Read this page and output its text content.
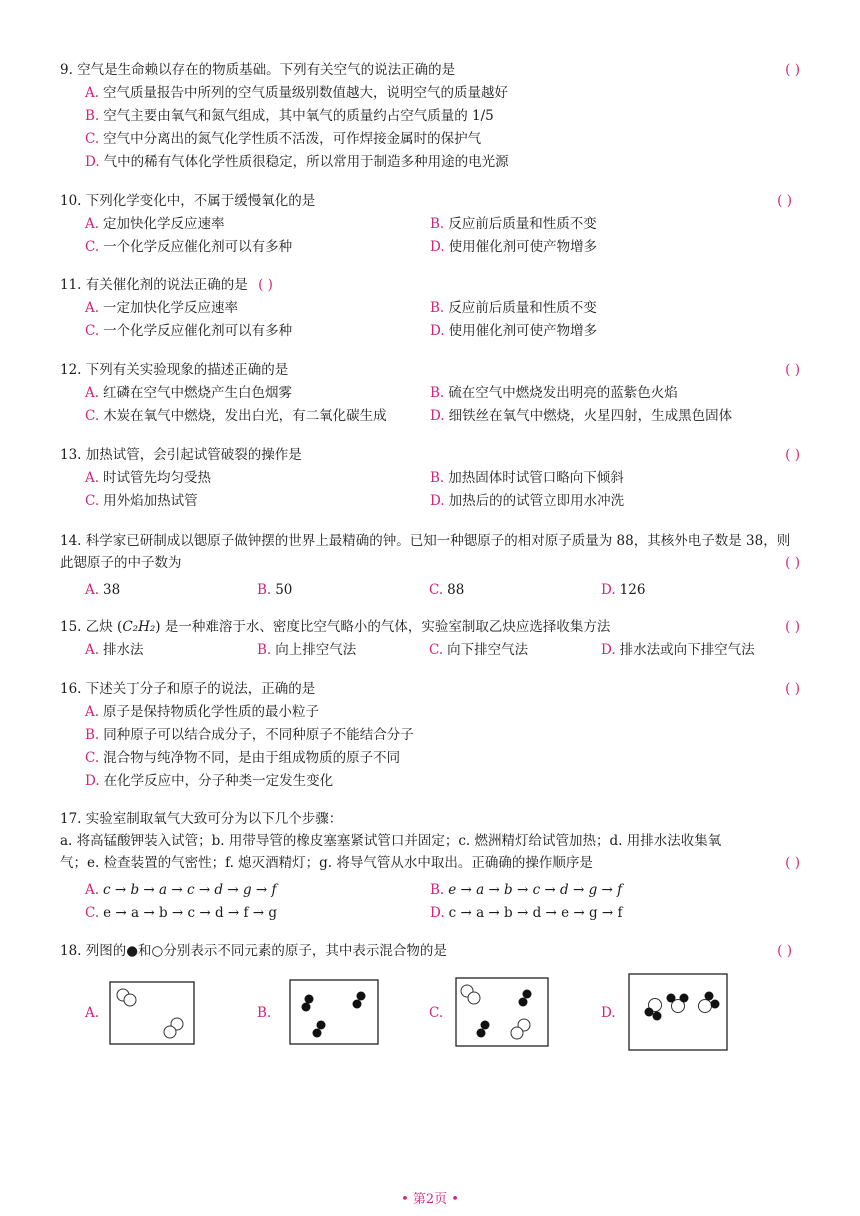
9. 空气是生命赖以存在的物质基础。下列有关空气的说法正确的是	( )
A. 空气质量报告中所列的空气质量级别数值越大，说明空气的质量越好
B. 空气主要由氧气和氮气组成，其中氧气的质量约占空气质量的 1/5
C. 空气中分离出的氮气化学性质不活泼，可作焊接金属时的保护气
D. 气中的稀有气体化学性质很稳定，所以常用于制造多种用途的电光源
10. 下列化学变化中，不属于缓慢氧化的是	( )
A. 定加快化学反应速率	B. 反应前后质量和性质不变
C. 一个化学反应催化剂可以有多种	D. 使用催化剂可使产物增多
11. 有关催化剂的说法正确的是 ( )
A. 一定加快化学反应速率	B. 反应前后质量和性质不变
C. 一个化学反应催化剂可以有多种	D. 使用催化剂可使产物增多
12. 下列有关实验现象的描述正确的是	( )
A. 红磷在空气中燃烧产生白色烟雾	B. 硫在空气中燃烧发出明亮的蓝紫色火焰
C. 木炭在氧气中燃烧，发出白光，有二氧化碳生成	D. 细铁丝在氧气中燃烧，火星四射，生成黑色固体
13. 加热试管，会引起试管破裂的操作是	( )
A. 时试管先均匀受热	B. 加热固体时试管口略向下倾斜
C. 用外焰加热试管	D. 加热后的的试管立即用水冲洗
14. 科学家已研制成以锶原子做钟摆的世界上最精确的钟。已知一种锶原子的相对原子质量为 88，其核外电子数是 38，则此锶原子的中子数为	( )
A. 38	B. 50	C. 88	D. 126
15. 乙炔 (C₂H₂) 是一种难溶于水、密度比空气略小的气体，实验室制取乙炔应选择收集方法	( )
A. 排水法	B. 向上排空气法	C. 向下排空气法	D. 排水法或向下排空气法
16. 下述关丁分子和原子的说法，正确的是	( )
A. 原子是保持物质化学性质的最小粒子
B. 同种原子可以结合成分子，不同种原子不能结合分子
C. 混合物与纯净物不同，是由于组成物质的原子不同
D. 在化学反应中，分子种类一定发生变化
17. 实验室制取氧气大致可分为以下几个步骤：
a. 将高锰酸钾装入试管；b. 用带导管的橡皮塞塞紧试管口并固定；c. 燃洲精灯给试管加热；d. 用排水法收集氧气；e. 检查装置的气密性；f. 熄灭酒精灯；g. 将导气管从水中取出。正确确的操作顺序是	( )
A. c → b → a → c → d → g → f	B. e → a → b → c → d → g → f
C. e → a → b → c → d → f → g	D. c → a → b → d → e → g → f
18. 列图的●和○分别表示不同元素的原子，其中表示混合物的是	( )
A.	B.	C.	D.
• 第2页 •
